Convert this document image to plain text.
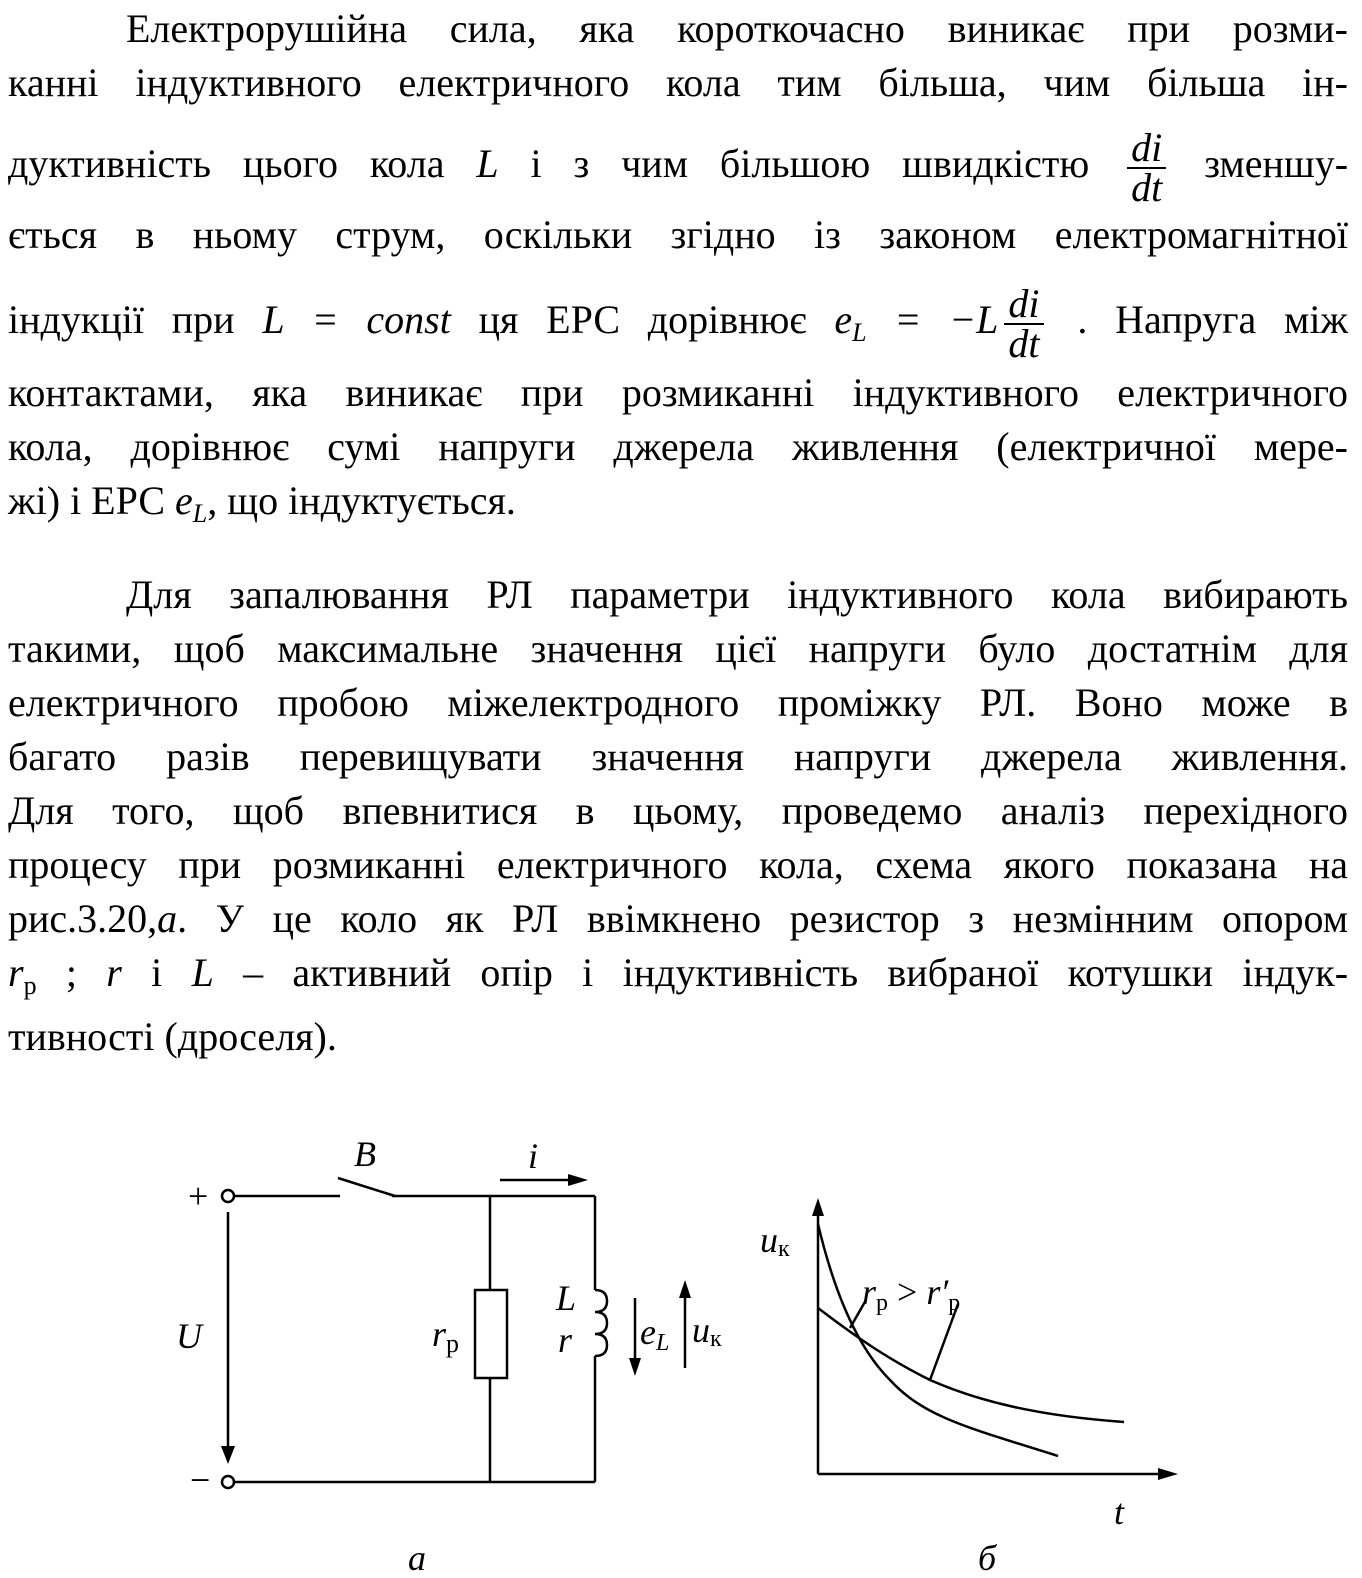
Електрорушійна сила, яка короткочасно виникає при розми-
канні індуктивного електричного кола тим більша, чим більша ін-
дуктивність цього кола L і з чим більшою швидкістю $\frac{di}{dt}$ зменшу-
ється в ньому струм, оскільки згідно із законом електромагнітної
індукції при L = const ця ЕРС дорівнює $e_L = -L \frac{di}{dt}$ . Напруга між
контактами, яка виникає при розмиканні індуктивного електричного
кола, дорівнює сумі напруги джерела живлення (електричної мере-
жі) і ЕРС $e_L$, що індуктується.
Для запалювання РЛ параметри індуктивного кола вибирають
такими, щоб максимальне значення цієї напруги було достатнім для
електричного пробою міжелектродного проміжку РЛ. Воно може в
багато разів перевищувати значення напруги джерела живлення.
Для того, щоб впевнитися в цьому, проведемо аналіз перехідного
процесу при розмиканні електричного кола, схема якого показана на
рис.3.20,a. У це коло як РЛ ввімкнено резистор з незмінним опором
$r_р$ ; r і L – активний опір і індуктивність вибраної котушки індук-
тивності (дроселя).
+
−
U
B	i
rр
L
r eL uк
a
uк
t
rр > r′р
б
